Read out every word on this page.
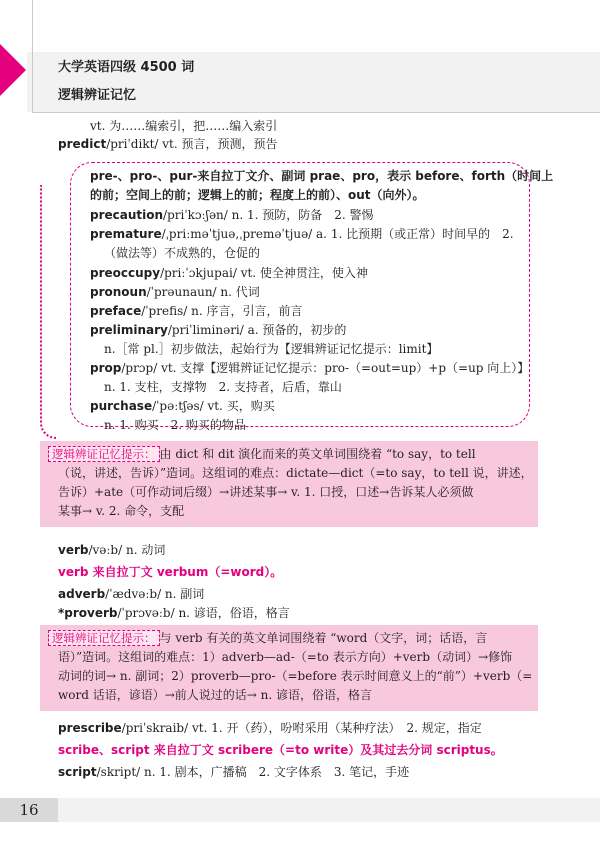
大学英语四级 4500 词
逻辑辨证记忆
vt. 为……编索引，把……编入索引
predict/priˈdikt/ vt. 预言，预测，预告
pre-、pro-、pur-来自拉丁文介、副词 prae、pro，表示 before、forth（时间上
的前；空间上的前；逻辑上的前；程度上的前）、out（向外）。
precaution/priˈkɔːʃən/ n. 1. 预防，防备　2. 警惕
premature/ˌpriːməˈtjuə,ˌpreməˈtjuə/ a. 1. 比预期（或正常）时间早的　2.
（做法等）不成熟的，仓促的
preoccupy/priːˈɔkjupai/ vt. 使全神贯注，使入神
pronoun/ˈprəunaun/ n. 代词
preface/ˈprefis/ n. 序言，引言，前言
preliminary/priˈliminəri/ a. 预备的，初步的
n.［常 pl.］初步做法，起始行为【逻辑辨证记忆提示：limit】
prop/prɔp/ vt. 支撑【逻辑辨证记忆提示：pro-（=out=up）+p（=up 向上）】
n. 1. 支柱，支撑物　2. 支持者，后盾，靠山
purchase/ˈpəːtʃəs/ vt. 买，购买
n. 1. 购买　2. 购买的物品
逻辑辨证记忆提示： 由 dict 和 dit 演化而来的英文单词围绕着 “to say，to tell
（说，讲述，告诉）”造词。这组词的难点：dictate—dict（=to say，to tell 说，讲述，
告诉）+ate（可作动词后缀）→讲述某事→ v. 1. 口授，口述→告诉某人必须做
某事→ v. 2. 命令，支配
verb/vəːb/ n. 动词
verb 来自拉丁文 verbum（=word）。
adverb/ˈædvəːb/ n. 副词
*proverb/ˈprɔvəːb/ n. 谚语，俗语，格言
逻辑辨证记忆提示： 与 verb 有关的英文单词围绕着 “word（文字，词；话语，言
语）”造词。这组词的难点：1）adverb—ad-（=to 表示方向）+verb（动词）→修饰
动词的词→ n. 副词；2）proverb—pro-（=before 表示时间意义上的“前”）+verb（=
word 话语，谚语）→前人说过的话→ n. 谚语，俗语，格言
prescribe/priˈskraib/ vt. 1. 开（药），吩咐采用（某种疗法）　2. 规定，指定
scribe、script 来自拉丁文 scribere（=to write）及其过去分词 scriptus。
script/skript/ n. 1. 剧本，广播稿　2. 文字体系　3. 笔记，手迹
16
